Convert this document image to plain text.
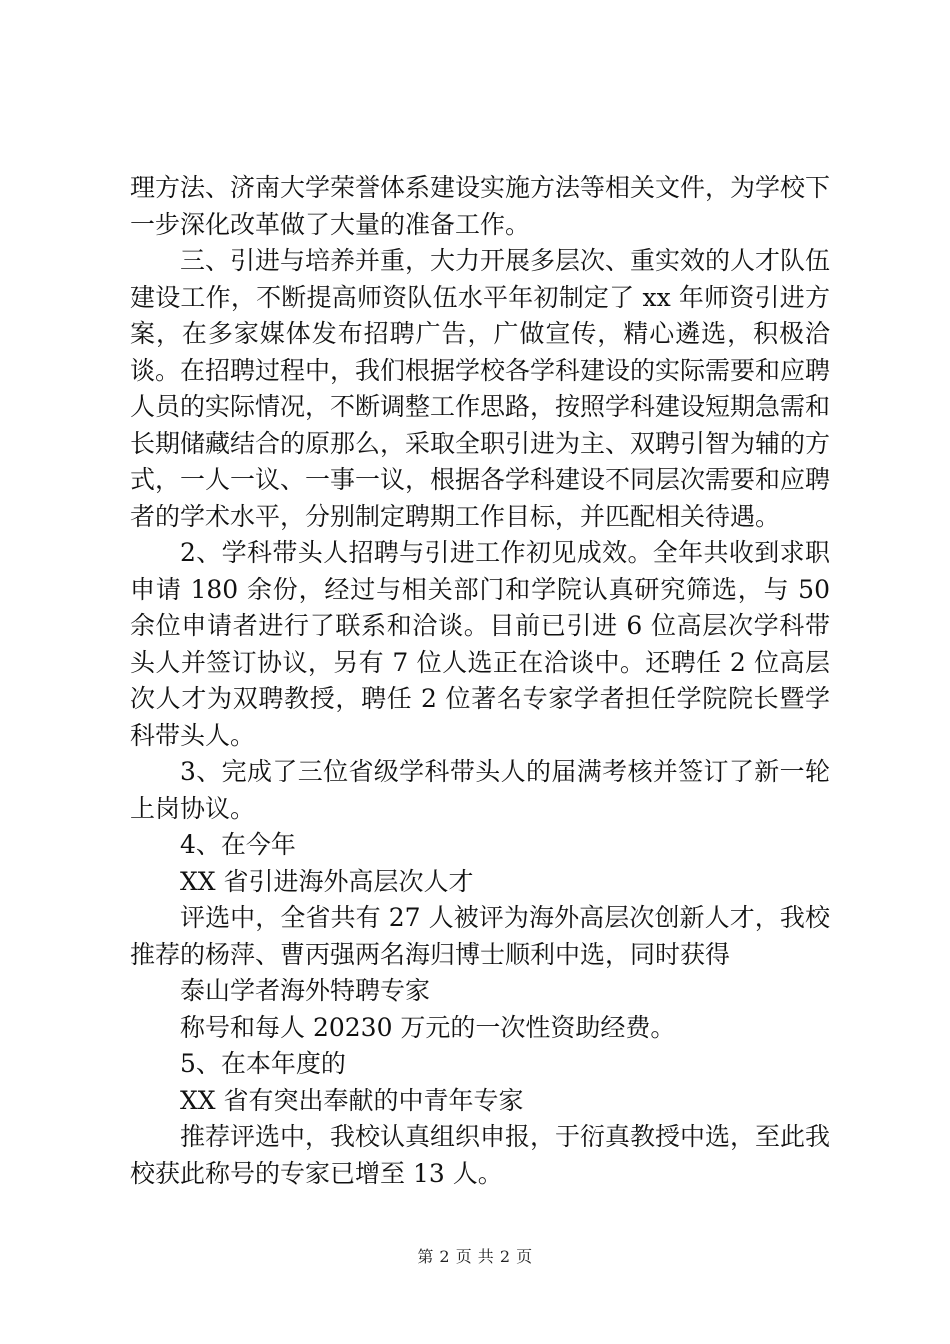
理方法、济南大学荣誉体系建设实施方法等相关文件，为学校下一步深化改革做了大量的准备工作。

三、引进与培养并重，大力开展多层次、重实效的人才队伍建设工作，不断提高师资队伍水平年初制定了 xx 年师资引进方案，在多家媒体发布招聘广告，广做宣传，精心遴选，积极洽谈。在招聘过程中，我们根据学校各学科建设的实际需要和应聘人员的实际情况，不断调整工作思路，按照学科建设短期急需和长期储藏结合的原那么，采取全职引进为主、双聘引智为辅的方式，一人一议、一事一议，根据各学科建设不同层次需要和应聘者的学术水平，分别制定聘期工作目标，并匹配相关待遇。

2、学科带头人招聘与引进工作初见成效。全年共收到求职申请 180 余份，经过与相关部门和学院认真研究筛选，与 50 余位申请者进行了联系和洽谈。目前已引进 6 位高层次学科带头人并签订协议，另有 7 位人选正在洽谈中。还聘任 2 位高层次人才为双聘教授，聘任 2 位著名专家学者担任学院院长暨学科带头人。

3、完成了三位省级学科带头人的届满考核并签订了新一轮上岗协议。

4、在今年

XX 省引进海外高层次人才

评选中，全省共有 27 人被评为海外高层次创新人才，我校推荐的杨萍、曹丙强两名海归博士顺利中选，同时获得

泰山学者海外特聘专家

称号和每人 20230 万元的一次性资助经费。

5、在本年度的

XX 省有突出奉献的中青年专家

推荐评选中，我校认真组织申报，于衍真教授中选，至此我校获此称号的专家已增至 13 人。

第 2 页 共 2 页
